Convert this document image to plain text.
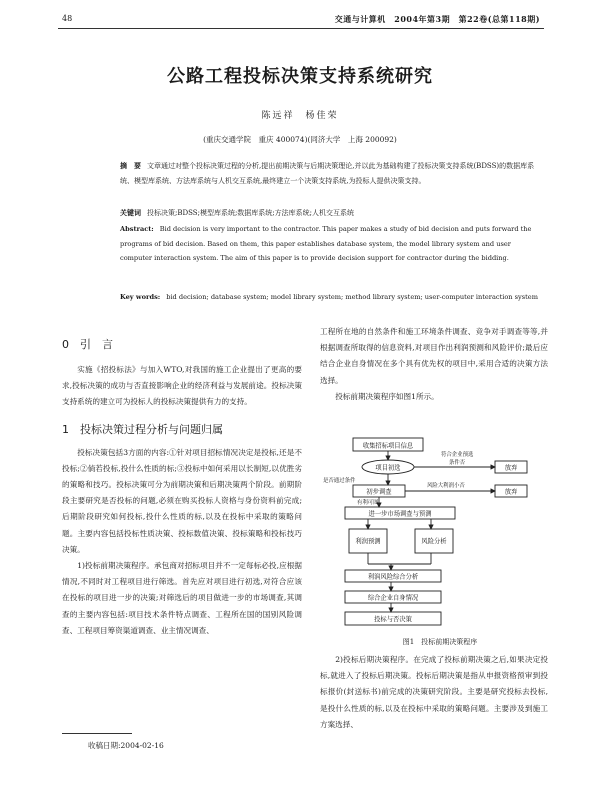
48	交通与计算机　2004年第3期　第22卷(总第118期)
公路工程投标决策支持系统研究
陈远祥　杨佳荣
(重庆交通学院　重庆 400074)(同济大学　上海 200092)
摘　要 文章通过对整个投标决策过程的分析,提出前期决策与后期决策理论,并以此为基础构建了投标决策支持系统(BDSS)的数据库系统、模型库系统、方法库系统与人机交互系统,最终建立一个决策支持系统,为投标人提供决策支持。
关键词 投标决策;BDSS;模型库系统;数据库系统;方法库系统;人机交互系统
Abstract: Bid decision is very important to the contractor. This paper makes a study of bid decision and puts forward the programs of bid decision. Based on them, this paper establishes database system, the model library system and user computer interaction system. The aim of this paper is to provide decision support for contractor during the bidding.
Key words: bid decision; database system; model library system; method library system; user-computer interaction system
0　引　言

实施《招投标法》与加入WTO,对我国的施工企业提出了更高的要求,投标决策的成功与否直接影响企业的经济利益与发展前途。投标决策支持系统的建立可为投标人的投标决策提供有力的支持。

1　投标决策过程分析与问题归属

投标决策包括3方面的内容:①针对项目招标情况决定是投标,还是不投标;②倘若投标,投什么性质的标;③投标中如何采用以长制短,以优胜劣的策略和技巧。投标决策可分为前期决策和后期决策两个阶段。前期阶段主要研究是否投标的问题,必须在购买投标人资格与身份资料前完成;后期阶段研究如何投标,投什么性质的标,以及在投标中采取的策略问题。主要内容包括投标性质决策、投标数值决策、投标策略和投标技巧决策。

1)投标前期决策程序。承包商对招标项目并不一定每标必投,应根据情况,不同时对工程项目进行筛选。首先应对项目进行初选,对符合应该在投标的项目进一步的决策;对筛选后的项目做进一步的市场调查,其调查的主要内容包括:项目技术条件特点调查、工程所在国的国别风险调查、工程项目筹资渠道调查、业主情况调查、

工程所在地的自然条件和施工环境条件调查、竞争对手调查等等,并根据调查所取得的信息资料,对项目作出利润预测和风险评价;最后应结合企业自身情况在多个具有优先权的项目中,采用合适的决策方法选择。

投标前期决策程序如图1所示。

收集招标项目信息
项目初选	放弃
初步调查	放弃
进一步市场调查与预测
利润预测	风险分析
利润风险综合分析
综合企业自身情况
投标与否决策
符合企业预选
条件否
是否通过条件
风险大利润小否
有利可图
图1　投标前期决策程序

2)投标后期决策程序。在完成了投标前期决策之后,如果决定投标,就进入了投标后期决策。投标后期决策是指从申报资格预审到投标报价(封送标书)前完成的决策研究阶段。主要是研究投标去投标,是投什么性质的标,以及在投标中采取的策略问题。主要涉及到施工方案选择、

收稿日期:2004-02-16
